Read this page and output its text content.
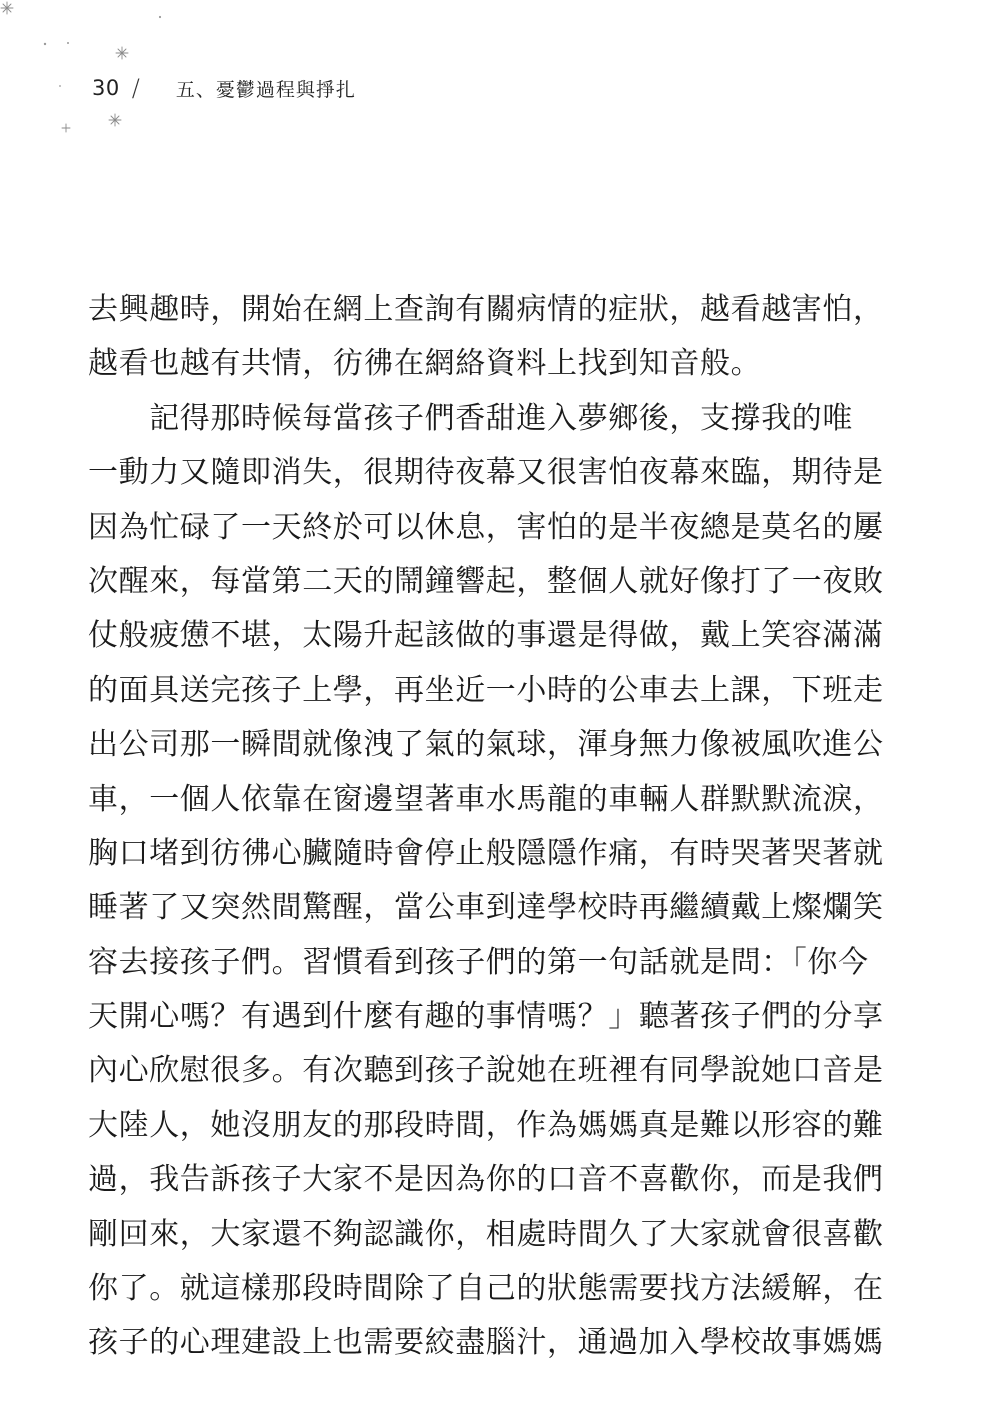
30 / 五、憂鬱過程與掙扎
去興趣時，開始在網上查詢有關病情的症狀，越看越害怕，
越看也越有共情，彷彿在網絡資料上找到知音般。
　　記得那時候每當孩子們香甜進入夢鄉後，支撐我的唯
一動力又隨即消失，很期待夜幕又很害怕夜幕來臨，期待是
因為忙碌了一天終於可以休息，害怕的是半夜總是莫名的屢
次醒來，每當第二天的鬧鐘響起，整個人就好像打了一夜敗
仗般疲憊不堪，太陽升起該做的事還是得做，戴上笑容滿滿
的面具送完孩子上學，再坐近一小時的公車去上課，下班走
出公司那一瞬間就像洩了氣的氣球，渾身無力像被風吹進公
車，一個人依靠在窗邊望著車水馬龍的車輛人群默默流淚，
胸口堵到彷彿心臟隨時會停止般隱隱作痛，有時哭著哭著就
睡著了又突然間驚醒，當公車到達學校時再繼續戴上燦爛笑
容去接孩子們。習慣看到孩子們的第一句話就是問：「你今
天開心嗎？有遇到什麼有趣的事情嗎？」聽著孩子們的分享
內心欣慰很多。有次聽到孩子說她在班裡有同學說她口音是
大陸人，她沒朋友的那段時間，作為媽媽真是難以形容的難
過，我告訴孩子大家不是因為你的口音不喜歡你，而是我們
剛回來，大家還不夠認識你，相處時間久了大家就會很喜歡
你了。就這樣那段時間除了自己的狀態需要找方法緩解，在
孩子的心理建設上也需要絞盡腦汁，通過加入學校故事媽媽
